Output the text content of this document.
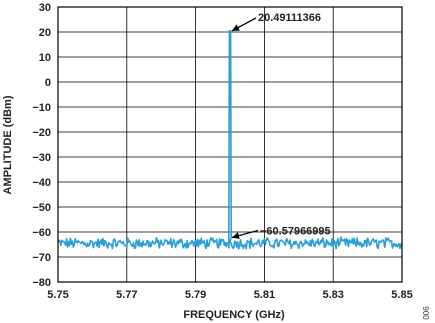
30
20
10
0
−10
−20
−30
−40
−50
−60
−70
−80
5.75	5.77	5.79	5.81	5.83	5.85
FREQUENCY (GHz)
AMPLITUDE (dBm)
20.49111366
−60.57966995
006
